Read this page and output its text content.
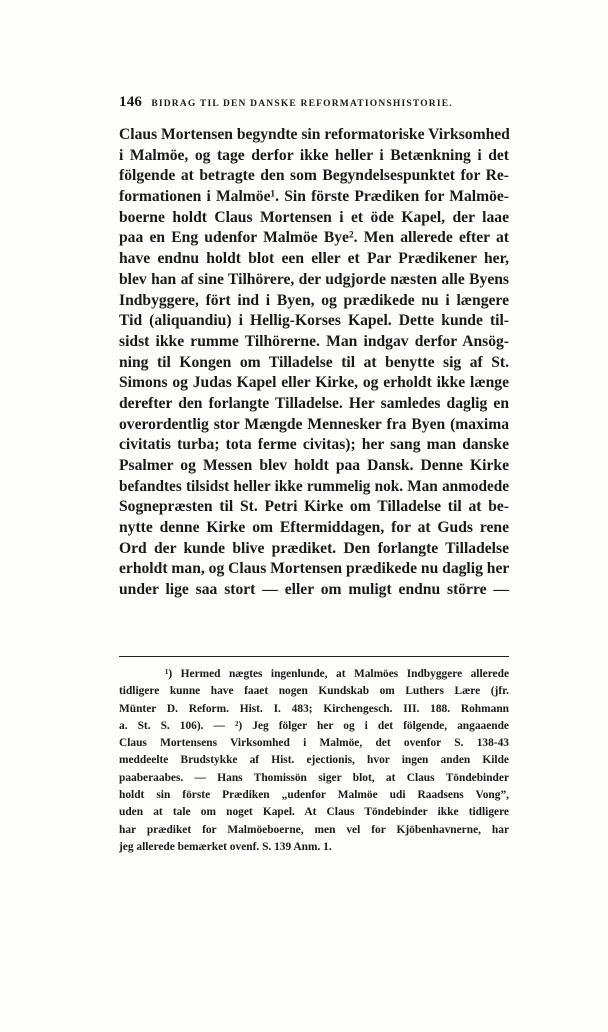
146 BIDRAG TIL DEN DANSKE REFORMATIONSHISTORIE.
Claus Mortensen begyndte sin reformatoriske Virksomhed
i Malmöe, og tage derfor ikke heller i Betænkning i det
fölgende at betragte den som Begyndelsespunktet for Re-
formationen i Malmöe¹. Sin förste Prædiken for Malmöe-
boerne holdt Claus Mortensen i et öde Kapel, der laae
paa en Eng udenfor Malmöe Bye². Men allerede efter at
have endnu holdt blot een eller et Par Prædikener her,
blev han af sine Tilhörere, der udgjorde næsten alle Byens
Indbyggere, fört ind i Byen, og prædikede nu i længere
Tid (aliquandiu) i Hellig-Korses Kapel. Dette kunde til-
sidst ikke rumme Tilhörerne. Man indgav derfor Ansög-
ning til Kongen om Tilladelse til at benytte sig af St.
Simons og Judas Kapel eller Kirke, og erholdt ikke længe
derefter den forlangte Tilladelse. Her samledes daglig en
overordentlig stor Mængde Mennesker fra Byen (maxima
civitatis turba; tota ferme civitas); her sang man danske
Psalmer og Messen blev holdt paa Dansk. Denne Kirke
befandtes tilsidst heller ikke rummelig nok. Man anmodede
Sognepræsten til St. Petri Kirke om Tilladelse til at be-
nytte denne Kirke om Eftermiddagen, for at Guds rene
Ord der kunde blive prædiket. Den forlangte Tilladelse
erholdt man, og Claus Mortensen prædikede nu daglig her
under lige saa stort — eller om muligt endnu större —
¹) Hermed nægtes ingenlunde, at Malmöes Indbyggere allerede
tidligere kunne have faaet nogen Kundskab om Luthers Lære (jfr.
Münter D. Reform. Hist. I. 483; Kirchengesch. III. 188. Rohmann
a. St. S. 106). — ²) Jeg fölger her og i det fölgende, angaaende
Claus Mortensens Virksomhed i Malmöe, det ovenfor S. 138-43
meddeelte Brudstykke af Hist. ejectionis, hvor ingen anden Kilde
paaberaabes. — Hans Thomissön siger blot, at Claus Töndebinder
holdt sin förste Prædiken „udenfor Malmöe udi Raadsens Vong”,
uden at tale om noget Kapel. At Claus Töndebinder ikke tidligere
har prædiket for Malmöeboerne, men vel for Kjöbenhavnerne, har
jeg allerede bemærket ovenf. S. 139 Anm. 1.
